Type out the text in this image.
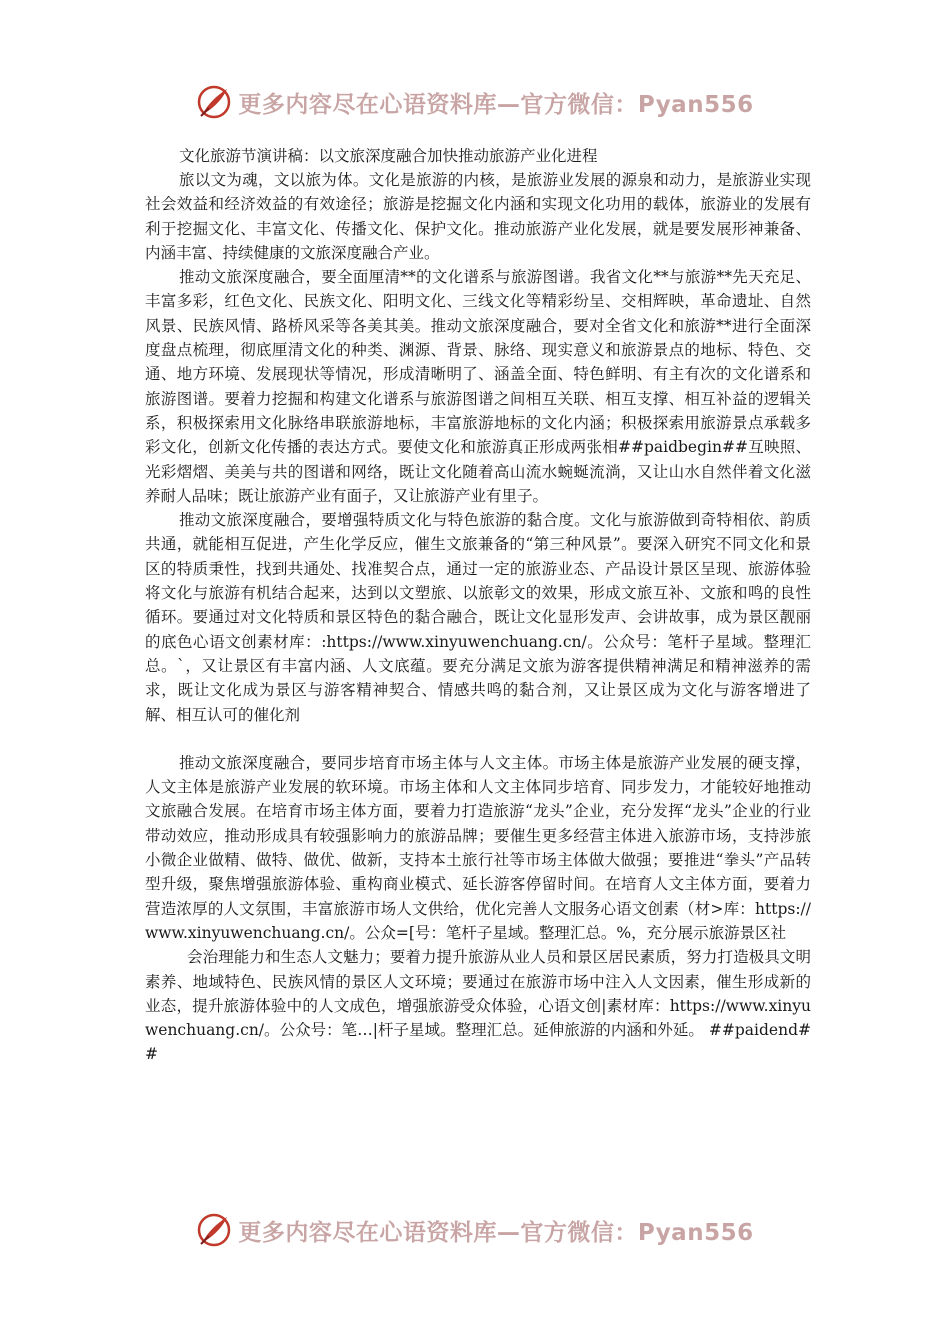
更多内容尽在心语资料库—官方微信：Pyan556
文化旅游节演讲稿：以文旅深度融合加快推动旅游产业化进程

旅以文为魂，文以旅为体。文化是旅游的内核，是旅游业发展的源泉和动力，是旅游业实现社会效益和经济效益的有效途径；旅游是挖掘文化内涵和实现文化功用的载体，旅游业的发展有利于挖掘文化、丰富文化、传播文化、保护文化。推动旅游产业化发展，就是要发展形神兼备、内涵丰富、持续健康的文旅深度融合产业。

推动文旅深度融合，要全面厘清**的文化谱系与旅游图谱。我省文化**与旅游**先天充足、丰富多彩，红色文化、民族文化、阳明文化、三线文化等精彩纷呈、交相辉映，革命遗址、自然风景、民族风情、路桥风采等各美其美。推动文旅深度融合，要对全省文化和旅游**进行全面深度盘点梳理，彻底厘清文化的种类、渊源、背景、脉络、现实意义和旅游景点的地标、特色、交通、地方环境、发展现状等情况，形成清晰明了、涵盖全面、特色鲜明、有主有次的文化谱系和旅游图谱。要着力挖掘和构建文化谱系与旅游图谱之间相互关联、相互支撑、相互补益的逻辑关系，积极探索用文化脉络串联旅游地标，丰富旅游地标的文化内涵；积极探索用旅游景点承载多彩文化，创新文化传播的表达方式。要使文化和旅游真正形成两张相##paidbegin##互映照、光彩熠熠、美美与共的图谱和网络，既让文化随着高山流水蜿蜒流淌，又让山水自然伴着文化滋养耐人品味；既让旅游产业有面子，又让旅游产业有里子。

推动文旅深度融合，要增强特质文化与特色旅游的黏合度。文化与旅游做到奇特相依、韵质共通，就能相互促进，产生化学反应，催生文旅兼备的“第三种风景”。要深入研究不同文化和景区的特质秉性，找到共通处、找准契合点，通过一定的旅游业态、产品设计景区呈现、旅游体验将文化与旅游有机结合起来，达到以文塑旅、以旅彰文的效果，形成文旅互补、文旅和鸣的良性循环。要通过对文化特质和景区特色的黏合融合，既让文化显形发声、会讲故事，成为景区靓丽的底色心语文创素材库：:https://www.xinyuwenchuang.cn/。公众号：笔杆子星域。整理汇总。`，又让景区有丰富内涵、人文底蕴。要充分满足文旅为游客提供精神满足和精神滋养的需求，既让文化成为景区与游客精神契合、情感共鸣的黏合剂，又让景区成为文化与游客增进了解、相互认可的催化剂

推动文旅深度融合，要同步培育市场主体与人文主体。市场主体是旅游产业发展的硬支撑，人文主体是旅游产业发展的软环境。市场主体和人文主体同步培育、同步发力，才能较好地推动文旅融合发展。在培育市场主体方面，要着力打造旅游“龙头”企业，充分发挥“龙头”企业的行业带动效应，推动形成具有较强影响力的旅游品牌；要催生更多经营主体进入旅游市场，支持涉旅小微企业做精、做特、做优、做新，支持本土旅行社等市场主体做大做强；要推进“拳头”产品转型升级，聚焦增强旅游体验、重构商业模式、延长游客停留时间。在培育人文主体方面，要着力营造浓厚的人文氛围，丰富旅游市场人文供给，优化完善人文服务心语文创素（材>库：https://www.xinyuwenchuang.cn/。公众=[号：笔杆子星域。整理汇总。%，充分展示旅游景区社

会治理能力和生态人文魅力；要着力提升旅游从业人员和景区居民素质，努力打造极具文明素养、地域特色、民族风情的景区人文环境；要通过在旅游市场中注入人文因素，催生形成新的业态，提升旅游体验中的人文成色，增强旅游受众体验，心语文创|素材库：https://www.xinyuwenchuang.cn/。公众号：笔…|杆子星域。整理汇总。延伸旅游的内涵和外延。 ##paidend##

更多内容尽在心语资料库—官方微信：Pyan556
